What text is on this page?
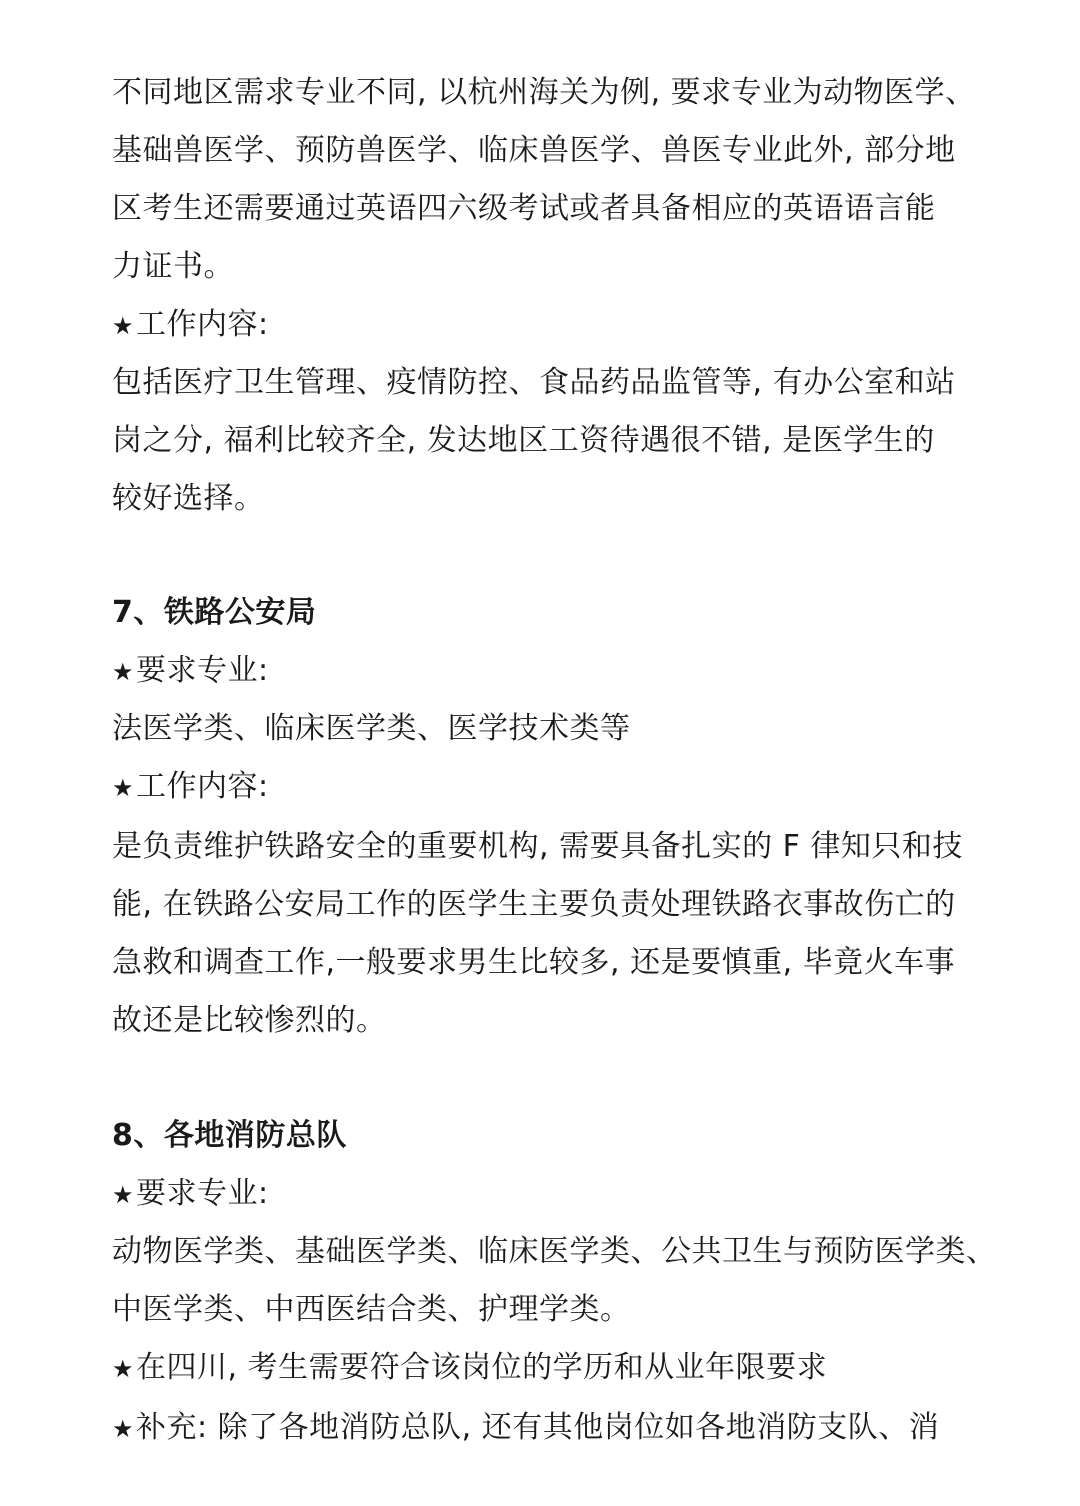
不同地区需求专业不同, 以杭州海关为例, 要求专业为动物医学、
基础兽医学、预防兽医学、临床兽医学、兽医专业此外, 部分地
区考生还需要通过英语四六级考试或者具备相应的英语语言能
力证书。
★工作内容:
包括医疗卫生管理、疫情防控、食品药品监管等, 有办公室和站
岗之分, 福利比较齐全, 发达地区工资待遇很不错, 是医学生的
较好选择。
7、铁路公安局
★要求专业:
法医学类、临床医学类、医学技术类等
★工作内容:
是负责维护铁路安全的重要机构, 需要具备扎实的 F 律知只和技
能, 在铁路公安局工作的医学生主要负责处理铁路衣事故伤亡的
急救和调查工作,一般要求男生比较多, 还是要慎重, 毕竟火车事
故还是比较惨烈的。
8、各地消防总队
★要求专业:
动物医学类、基础医学类、临床医学类、公共卫生与预防医学类、
中医学类、中西医结合类、护理学类。
★在四川, 考生需要符合该岗位的学历和从业年限要求
★补充: 除了各地消防总队, 还有其他岗位如各地消防支队、消
